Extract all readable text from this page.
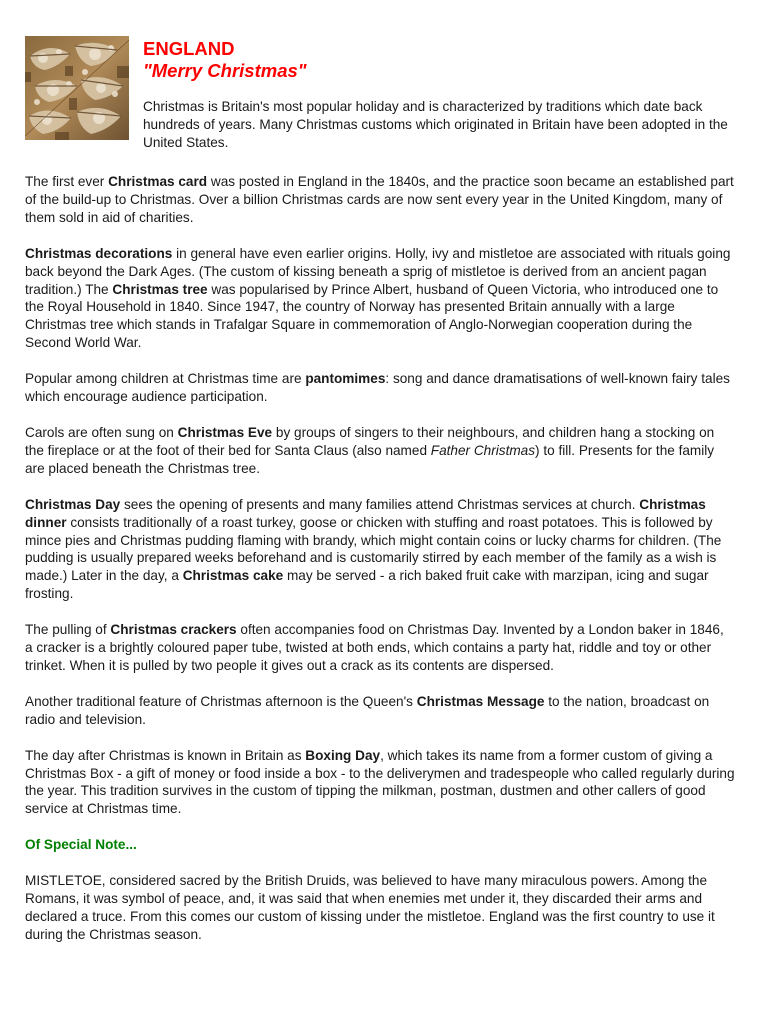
ENGLAND
"Merry Christmas"

Christmas is Britain's most popular holiday and is characterized by traditions which date back hundreds of years. Many Christmas customs which originated in Britain have been adopted in the United States.

The first ever Christmas card was posted in England in the 1840s, and the practice soon became an established part of the build-up to Christmas. Over a billion Christmas cards are now sent every year in the United Kingdom, many of them sold in aid of charities.

Christmas decorations in general have even earlier origins. Holly, ivy and mistletoe are associated with rituals going back beyond the Dark Ages. (The custom of kissing beneath a sprig of mistletoe is derived from an ancient pagan tradition.) The Christmas tree was popularised by Prince Albert, husband of Queen Victoria, who introduced one to the Royal Household in 1840. Since 1947, the country of Norway has presented Britain annually with a large Christmas tree which stands in Trafalgar Square in commemoration of Anglo-Norwegian cooperation during the Second World War.

Popular among children at Christmas time are pantomimes: song and dance dramatisations of well-known fairy tales which encourage audience participation.

Carols are often sung on Christmas Eve by groups of singers to their neighbours, and children hang a stocking on the fireplace or at the foot of their bed for Santa Claus (also named Father Christmas) to fill. Presents for the family are placed beneath the Christmas tree.

Christmas Day sees the opening of presents and many families attend Christmas services at church. Christmas dinner consists traditionally of a roast turkey, goose or chicken with stuffing and roast potatoes. This is followed by mince pies and Christmas pudding flaming with brandy, which might contain coins or lucky charms for children. (The pudding is usually prepared weeks beforehand and is customarily stirred by each member of the family as a wish is made.) Later in the day, a Christmas cake may be served - a rich baked fruit cake with marzipan, icing and sugar frosting.

The pulling of Christmas crackers often accompanies food on Christmas Day. Invented by a London baker in 1846, a cracker is a brightly coloured paper tube, twisted at both ends, which contains a party hat, riddle and toy or other trinket. When it is pulled by two people it gives out a crack as its contents are dispersed.

Another traditional feature of Christmas afternoon is the Queen's Christmas Message to the nation, broadcast on radio and television.

The day after Christmas is known in Britain as Boxing Day, which takes its name from a former custom of giving a Christmas Box - a gift of money or food inside a box - to the deliverymen and tradespeople who called regularly during the year. This tradition survives in the custom of tipping the milkman, postman, dustmen and other callers of good service at Christmas time.

Of Special Note...

MISTLETOE, considered sacred by the British Druids, was believed to have many miraculous powers. Among the Romans, it was symbol of peace, and, it was said that when enemies met under it, they discarded their arms and declared a truce. From this comes our custom of kissing under the mistletoe. England was the first country to use it during the Christmas season.
